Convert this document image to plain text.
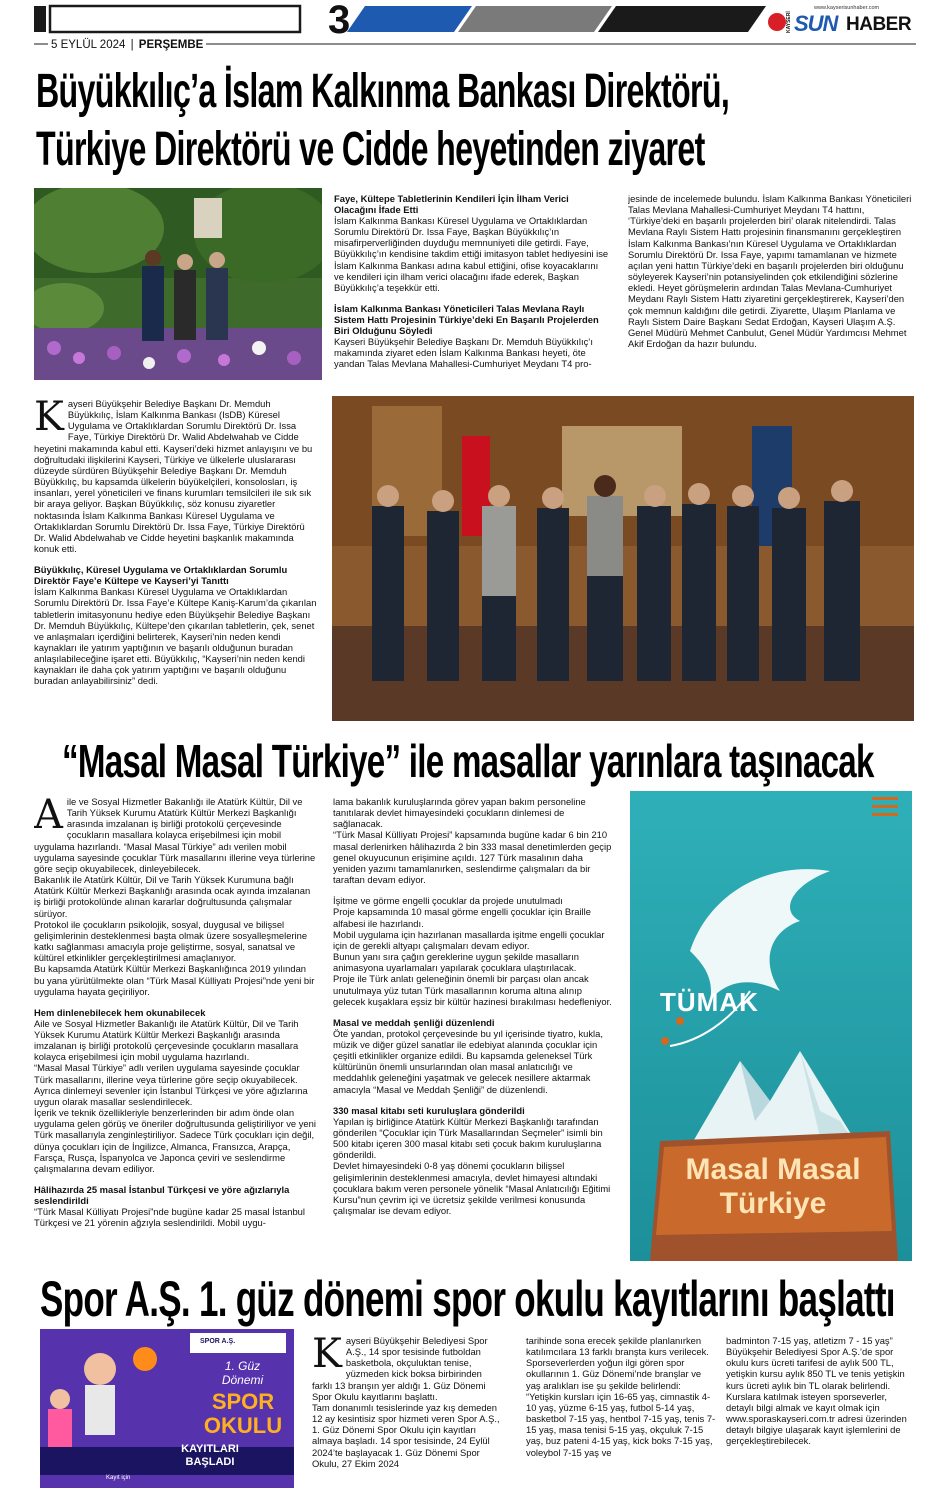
3
5 EYLÜL 2024 | PERŞEMBE
www.kayserisunhaber.com
KAYSERİ SUN HABER
Büyükkılıç’a İslam Kalkınma Bankası Direktörü,
Türkiye Direktörü ve Cidde heyetinden ziyaret
Faye, Kültepe Tabletlerinin Kendileri İçin İlham Verici Olacağını İfade Etti

İslam Kalkınma Bankası Küresel Uygulama ve Ortaklıklardan Sorumlu Direktörü Dr. Issa Faye, Başkan Büyükkılıç’ın misafirperverliğinden duyduğu memnuniyeti dile getirdi. Faye, Büyükkılıç’ın kendisine takdim ettiği imitasyon tablet hediyesini ise İslam Kalkınma Bankası adına kabul ettiğini, ofise koyacaklarını ve kendileri için ilham verici olacağını ifade ederek, Başkan Büyükkılıç’a teşekkür etti.

İslam Kalkınma Bankası Yöneticileri Talas Mevlana Raylı Sistem Hattı Projesinin Türkiye’deki En Başarılı Projelerden Biri Olduğunu Söyledi

Kayseri Büyükşehir Belediye Başkanı Dr. Memduh Büyükkılıç’ı makamında ziyaret eden İslam Kalkınma Bankası heyeti, öte yandan Talas Mevlana Mahallesi-Cumhuriyet Meydanı T4 pro-

jesinde de incelemede bulundu. İslam Kalkınma Bankası Yöneticileri Talas Mevlana Mahallesi-Cumhuriyet Meydanı T4 hattını, ‘Türkiye’deki en başarılı projelerden biri’ olarak nitelendirdi. Talas Mevlana Raylı Sistem Hattı projesinin finansmanını gerçekleştiren İslam Kalkınma Bankası’nın Küresel Uygulama ve Ortaklıklardan Sorumlu Direktörü Dr. Issa Faye, yapımı tamamlanan ve hizmete açılan yeni hattın Türkiye’deki en başarılı projelerden biri olduğunu söyleyerek Kayseri’nin potansiyelinden çok etkilendiğini sözlerine ekledi. Heyet görüşmelerin ardından Talas Mevlana-Cumhuriyet Meydanı Raylı Sistem Hattı ziyaretini gerçekleştirerek, Kayseri’den çok memnun kaldığını dile getirdi. Ziyarette, Ulaşım Planlama ve Raylı Sistem Daire Başkanı Sedat Erdoğan, Kayseri Ulaşım A.Ş. Genel Müdürü Mehmet Canbulut, Genel Müdür Yardımcısı Mehmet Akif Erdoğan da hazır bulundu.

K ayseri Büyükşehir Belediye Başkanı Dr. Memduh Büyükkılıç, İslam Kalkınma Bankası (IsDB) Küresel Uygulama ve Ortaklıklardan Sorumlu Direktörü Dr. Issa Faye, Türkiye Direktörü Dr. Walid Abdelwahab ve Cidde heyetini makamında kabul etti. Kayseri’deki hizmet anlayışını ve bu doğrultudaki ilişkilerini Kayseri, Türkiye ve ülkelerle uluslararası düzeyde sürdüren Büyükşehir Belediye Başkanı Dr. Memduh Büyükkılıç, bu kapsamda ülkelerin büyükelçileri, konsolosları, iş insanları, yerel yöneticileri ve finans kurumları temsilcileri ile sık sık bir araya geliyor. Başkan Büyükkılıç, söz konusu ziyaretler noktasında İslam Kalkınma Bankası Küresel Uygulama ve Ortaklıklardan Sorumlu Direktörü Dr. Issa Faye, Türkiye Direktörü Dr. Walid Abdelwahab ve Cidde heyetini başkanlık makamında konuk etti.

Büyükkılıç, Küresel Uygulama ve Ortaklıklardan Sorumlu Direktör Faye’e Kültepe ve Kayseri’yi Tanıttı

İslam Kalkınma Bankası Küresel Uygulama ve Ortaklıklardan Sorumlu Direktörü Dr. Issa Faye’e Kültepe Kaniş-Karum’da çıkarılan tabletlerin imitasyonunu hediye eden Büyükşehir Belediye Başkanı Dr. Memduh Büyükkılıç, Kültepe’den çıkarılan tabletlerin, çek, senet ve anlaşmaları içerdiğini belirterek, Kayseri’nin neden kendi kaynakları ile yatırım yaptığının ve başarılı olduğunun buradan anlaşılabileceğine işaret etti. Büyükkılıç, “Kayseri’nin neden kendi kaynakları ile daha çok yatırım yaptığını ve başarılı olduğunu buradan anlayabilirsiniz” dedi.

“Masal Masal Türkiye” ile masallar yarınlara taşınacak
A ile ve Sosyal Hizmetler Bakanlığı ile Atatürk Kültür, Dil ve Tarih Yüksek Kurumu Atatürk Kültür Merkezi Başkanlığı arasında imzalanan iş birliği protokolü çerçevesinde çocukların masallara kolayca erişebilmesi için mobil uygulama hazırlandı. “Masal Masal Türkiye” adı verilen mobil uygulama sayesinde çocuklar Türk masallarını illerine veya türlerine göre seçip okuyabilecek, dinleyebilecek.

Bakanlık ile Atatürk Kültür, Dil ve Tarih Yüksek Kurumuna bağlı Atatürk Kültür Merkezi Başkanlığı arasında ocak ayında imzalanan iş birliği protokolünde alınan kararlar doğrultusunda çalışmalar sürüyor.

Protokol ile çocukların psikolojik, sosyal, duygusal ve bilişsel gelişimlerinin desteklenmesi başta olmak üzere sosyalleşmelerine katkı sağlanması amacıyla proje geliştirme, sosyal, sanatsal ve kültürel etkinlikler gerçekleştirilmesi amaçlanıyor.

Bu kapsamda Atatürk Kültür Merkezi Başkanlığınca 2019 yılından bu yana yürütülmekte olan “Türk Masal Külliyatı Projesi”nde yeni bir uygulama hayata geçiriliyor.

Hem dinlenebilecek hem okunabilecek

Aile ve Sosyal Hizmetler Bakanlığı ile Atatürk Kültür, Dil ve Tarih Yüksek Kurumu Atatürk Kültür Merkezi Başkanlığı arasında imzalanan iş birliği protokolü çerçevesinde çocukların masallara kolayca erişebilmesi için mobil uygulama hazırlandı.

“Masal Masal Türkiye” adlı verilen uygulama sayesinde çocuklar Türk masallarını, illerine veya türlerine göre seçip okuyabilecek. Ayrıca dinlemeyi sevenler için İstanbul Türkçesi ve yöre ağızlarına uygun olarak masallar seslendirilecek.

İçerik ve teknik özellikleriyle benzerlerinden bir adım önde olan uygulama gelen görüş ve öneriler doğrultusunda geliştiriliyor ve yeni Türk masallarıyla zenginleştiriliyor. Sadece Türk çocukları için değil, dünya çocukları için de İngilizce, Almanca, Fransızca, Arapça, Farsça, Rusça, İspanyolca ve Japonca çeviri ve seslendirme çalışmalarına devam ediliyor.

Hâlihazırda 25 masal İstanbul Türkçesi ve yöre ağızlarıyla seslendirildi

“Türk Masal Külliyatı Projesi”nde bugüne kadar 25 masal İstanbul Türkçesi ve 21 yörenin ağzıyla seslendirildi. Mobil uygu-

lama bakanlık kuruluşlarında görev yapan bakım personeline tanıtılarak devlet himayesindeki çocukların dinlemesi de sağlanacak.

“Türk Masal Külliyatı Projesi” kapsamında bugüne kadar 6 bin 210 masal derlenirken hâlihazırda 2 bin 333 masal denetimlerden geçip genel okuyucunun erişimine açıldı. 127 Türk masalının daha yeniden yazımı tamamlanırken, seslendirme çalışmaları da bir taraftan devam ediyor.

İşitme ve görme engelli çocuklar da projede unutulmadı

Proje kapsamında 10 masal görme engelli çocuklar için Braille alfabesi ile hazırlandı.

Mobil uygulama için hazırlanan masallarda işitme engelli çocuklar için de gerekli altyapı çalışmaları devam ediyor.

Bunun yanı sıra çağın gereklerine uygun şekilde masalların animasyona uyarlamaları yapılarak çocuklara ulaştırılacak.

Proje ile Türk anlatı geleneğinin önemli bir parçası olan ancak unutulmaya yüz tutan Türk masallarının koruma altına alınıp gelecek kuşaklara eşsiz bir kültür hazinesi bırakılması hedefleniyor.

Masal ve meddah şenliği düzenlendi

Öte yandan, protokol çerçevesinde bu yıl içerisinde tiyatro, kukla, müzik ve diğer güzel sanatlar ile edebiyat alanında çocuklar için çeşitli etkinlikler organize edildi. Bu kapsamda geleneksel Türk kültürünün önemli unsurlarından olan masal anlatıcılığı ve meddahlık geleneğini yaşatmak ve gelecek nesillere aktarmak amacıyla “Masal ve Meddah Şenliği” de düzenlendi.

330 masal kitabı seti kuruluşlara gönderildi

Yapılan iş birliğince Atatürk Kültür Merkezi Başkanlığı tarafından gönderilen “Çocuklar için Türk Masallarından Seçmeler” isimli bin 500 kitabı içeren 300 masal kitabı seti çocuk bakım kuruluşlarına gönderildi.

Devlet himayesindeki 0-8 yaş dönemi çocukların bilişsel gelişimlerinin desteklenmesi amacıyla, devlet himayesi altındaki çocuklara bakım veren personele yönelik “Masal Anlatıcılığı Eğitimi Kursu”nun çevrim içi ve ücretsiz şekilde verilmesi konusunda çalışmalar ise devam ediyor.

TÜMAK
Masal Masal
Türkiye
Spor A.Ş. 1. güz dönemi spor okulu kayıtlarını başlattı
SPOR A.Ş.
1. Güz
Dönemi
SPOR
OKULU
KAYITLARI
BAŞLADI
Kayıt için
K ayseri Büyükşehir Belediyesi Spor A.Ş., 14 spor tesisinde futboldan basketbola, okçuluktan tenise, yüzmeden kick boksa birbirinden farklı 13 branşın yer aldığı 1. Güz Dönemi Spor Okulu kayıtlarını başlattı.

Tam donanımlı tesislerinde yaz kış demeden 12 ay kesintisiz spor hizmeti veren Spor A.Ş., 1. Güz Dönemi Spor Okulu için kayıtları almaya başladı. 14 spor tesisinde, 24 Eylül 2024’te başlayacak 1. Güz Dönemi Spor Okulu, 27 Ekim 2024

tarihinde sona erecek şekilde planlanırken katılımcılara 13 farklı branşta kurs verilecek.

Sporseverlerden yoğun ilgi gören spor okullarının 1. Güz Dönemi’nde branşlar ve yaş aralıkları ise şu şekilde belirlendi: “Yetişkin kursları için 16-65 yaş, cimnastik 4-10 yaş, yüzme 6-15 yaş, futbol 5-14 yaş, basketbol 7-15 yaş, hentbol 7-15 yaş, tenis 7-15 yaş, masa tenisi 5-15 yaş, okçuluk 7-15 yaş, buz pateni 4-15 yaş, kick boks 7-15 yaş, voleybol 7-15 yaş ve

badminton 7-15 yaş, atletizm 7 - 15 yaş” Büyükşehir Belediyesi Spor A.Ş.’de spor okulu kurs ücreti tarifesi de aylık 500 TL, yetişkin kursu aylık 850 TL ve tenis yetişkin kurs ücreti aylık bin TL olarak belirlendi.

Kurslara katılmak isteyen sporseverler, detaylı bilgi almak ve kayıt olmak için www.sporaskayseri.com.tr adresi üzerinden detaylı bilgiye ulaşarak kayıt işlemlerini de gerçekleştirebilecek.
